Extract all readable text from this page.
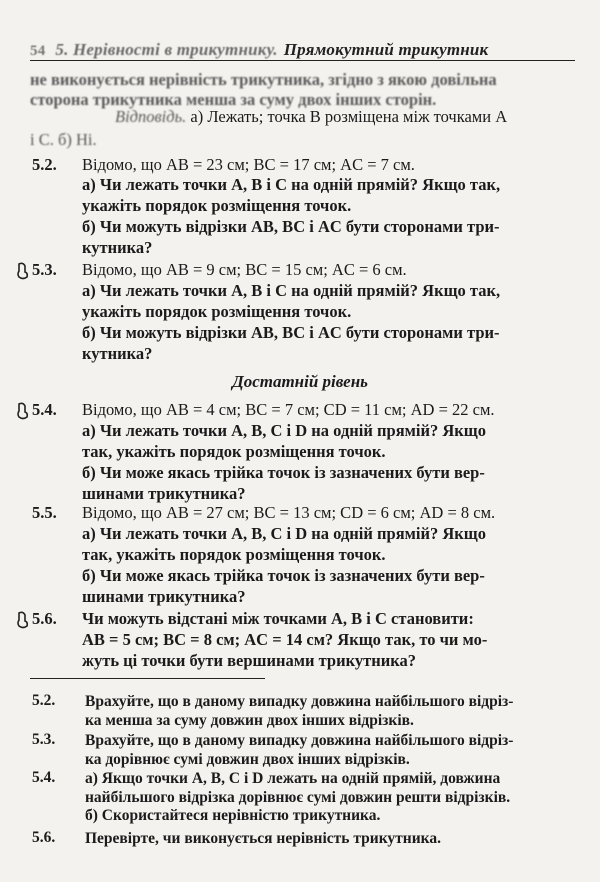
54 5. Нерівності в трикутнику. Прямокутний трикутник
не виконується нерівність трикутника, згідно з якою довільна
сторона трикутника менша за суму двох інших сторін.
Відповідь. а) Лежать; точка B розміщена між точками A
і C. б) Ні.
5.2. Відомо, що AB = 23 см; BC = 17 см; AC = 7 см.
а) Чи лежать точки A, B і C на одній прямій? Якщо так,
укажіть порядок розміщення точок.
б) Чи можуть відрізки AB, BC і AC бути сторонами три-
кутника?
5.3. Відомо, що AB = 9 см; BC = 15 см; AC = 6 см.
а) Чи лежать точки A, B і C на одній прямій? Якщо так,
укажіть порядок розміщення точок.
б) Чи можуть відрізки AB, BC і AC бути сторонами три-
кутника?
Достатній рівень
5.4. Відомо, що AB = 4 см; BC = 7 см; CD = 11 см; AD = 22 см.
а) Чи лежать точки A, B, C і D на одній прямій? Якщо
так, укажіть порядок розміщення точок.
б) Чи може якась трійка точок із зазначених бути вер-
шинами трикутника?
5.5. Відомо, що AB = 27 см; BC = 13 см; CD = 6 см; AD = 8 см.
а) Чи лежать точки A, B, C і D на одній прямій? Якщо
так, укажіть порядок розміщення точок.
б) Чи може якась трійка точок із зазначених бути вер-
шинами трикутника?
5.6. Чи можуть відстані між точками A, B і C становити:
AB = 5 см; BC = 8 см; AC = 14 см? Якщо так, то чи мо-
жуть ці точки бути вершинами трикутника?
5.2. Врахуйте, що в даному випадку довжина найбільшого відріз-
ка менша за суму довжин двох інших відрізків.
5.3. Врахуйте, що в даному випадку довжина найбільшого відріз-
ка дорівнює сумі довжин двох інших відрізків.
5.4. а) Якщо точки A, B, C і D лежать на одній прямій, довжина
найбільшого відрізка дорівнює сумі довжин решти відрізків.
б) Скористайтеся нерівністю трикутника.
5.6. Перевірте, чи виконується нерівність трикутника.
